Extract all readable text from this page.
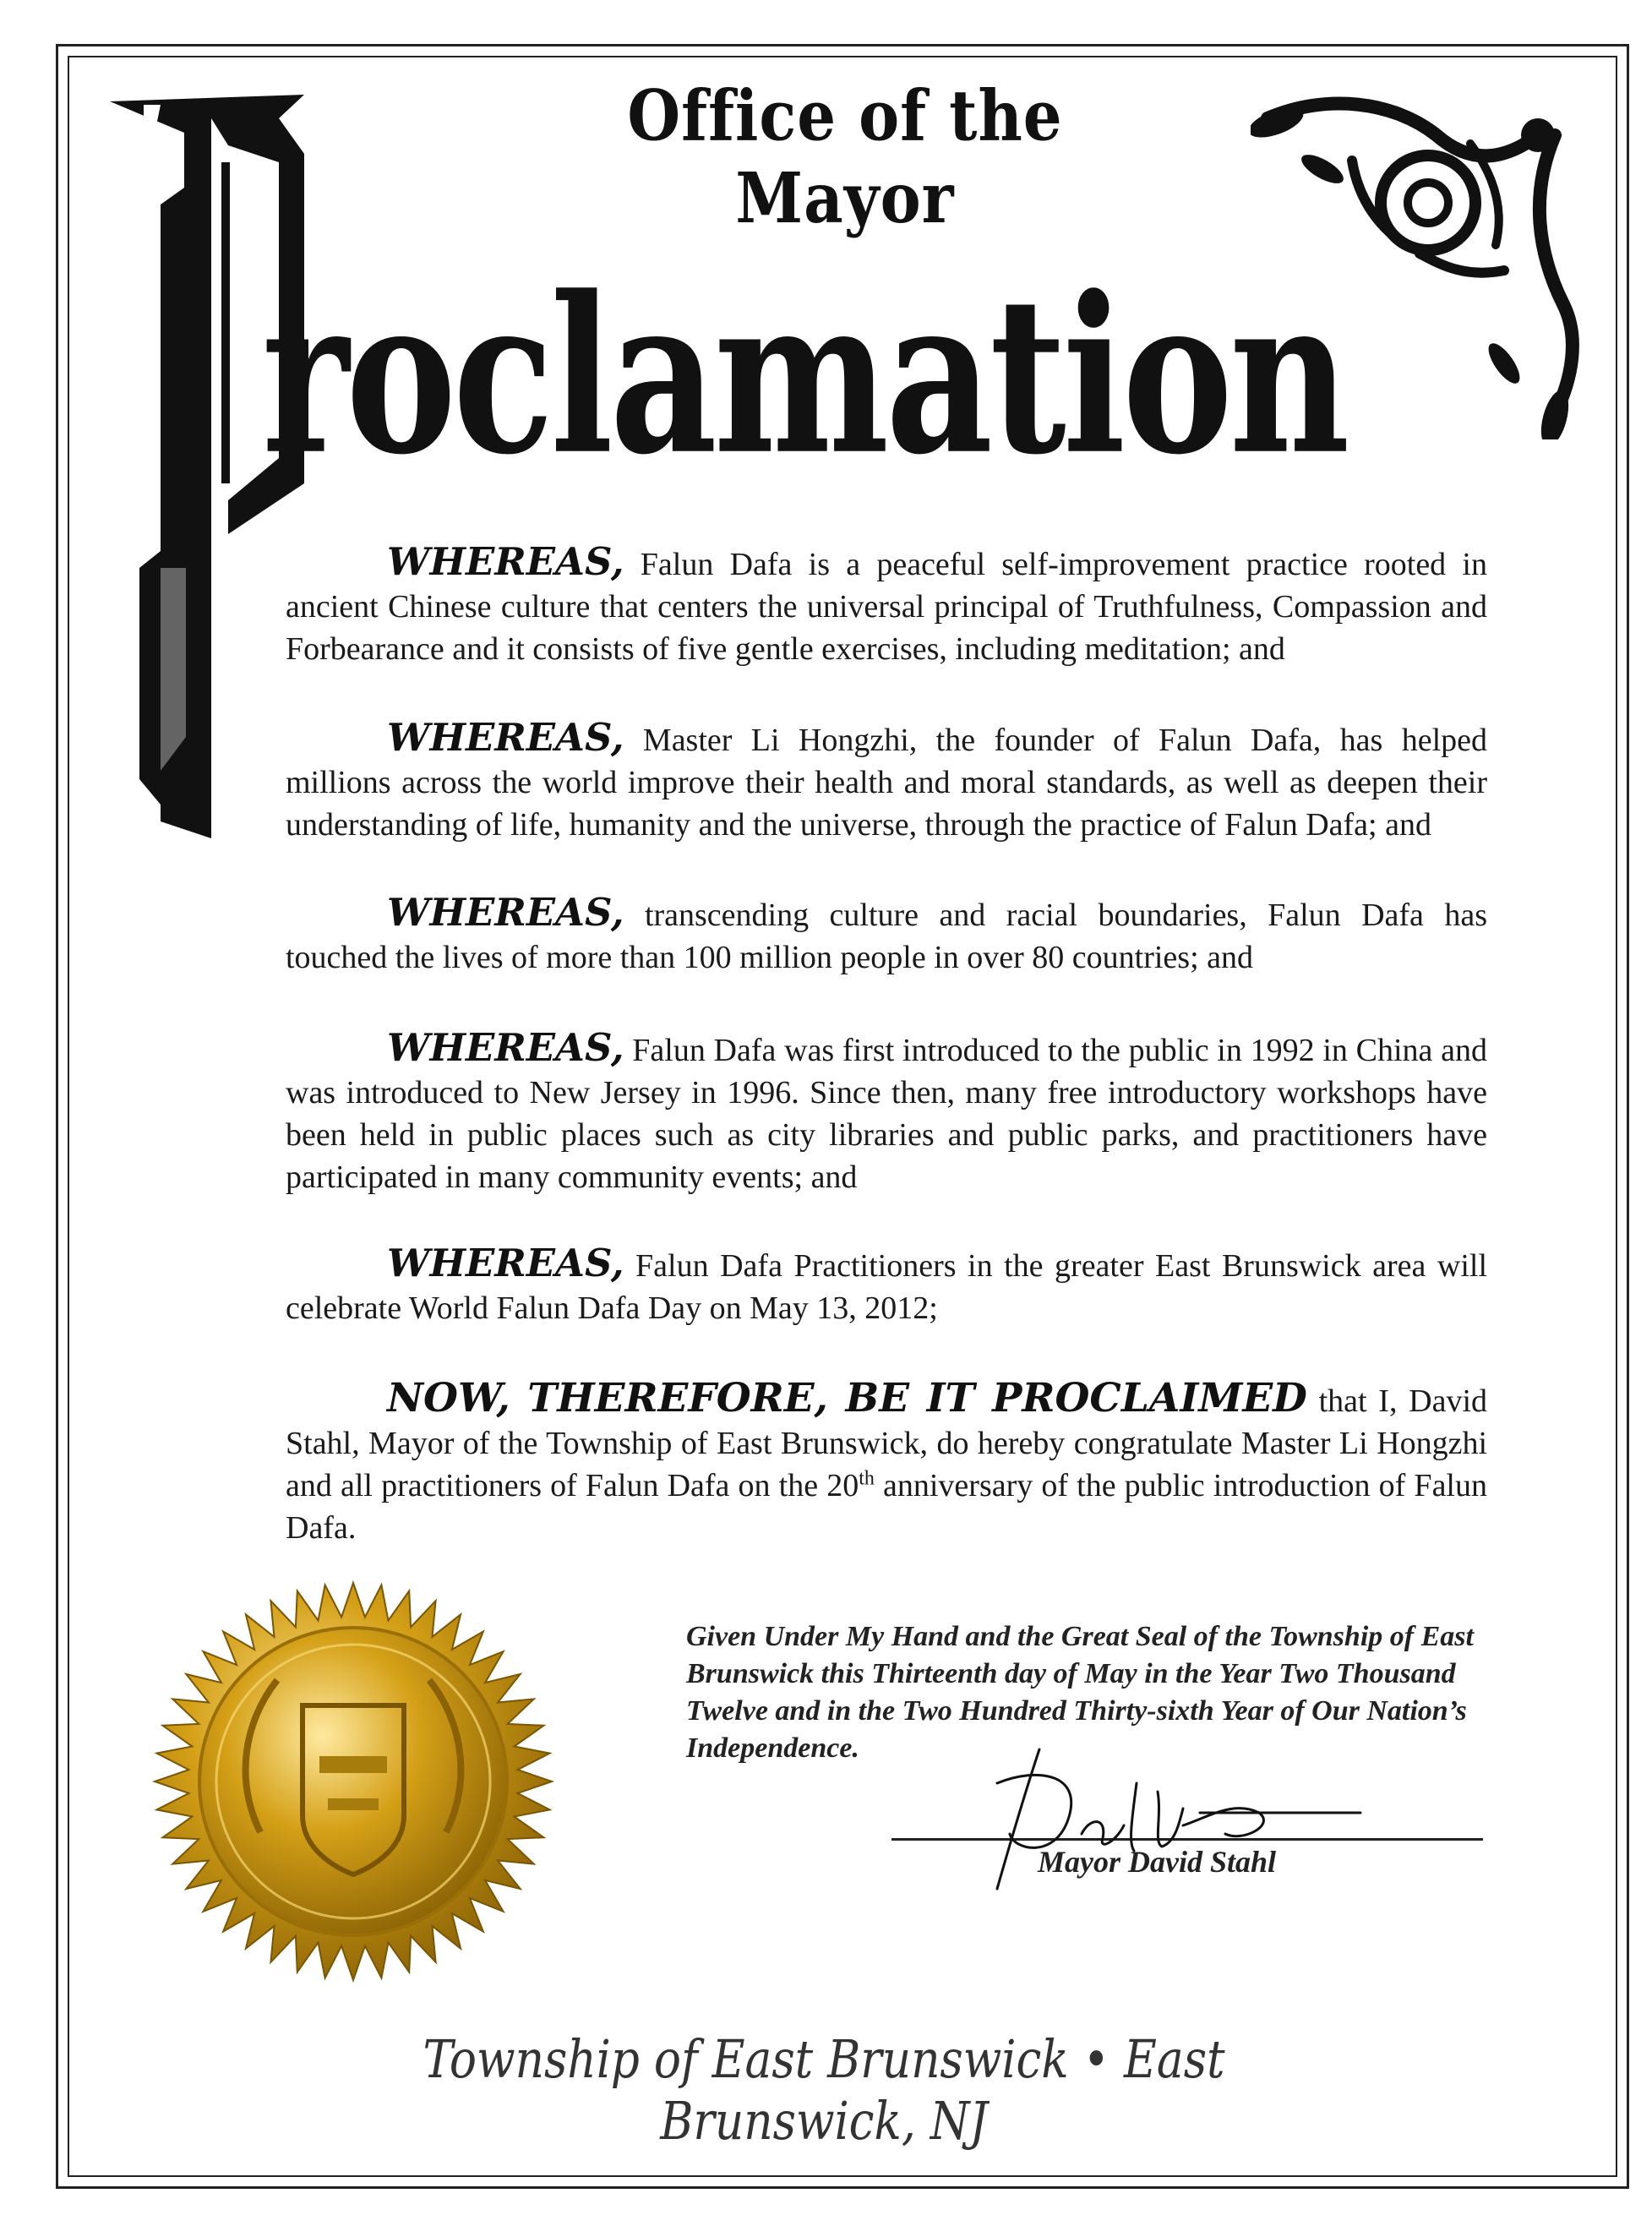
Office of the Mayor
roclamation

WHEREAS, Falun Dafa is a peaceful self-improvement practice rooted in ancient Chinese culture that centers the universal principal of Truthfulness, Compassion and Forbearance and it consists of five gentle exercises, including meditation; and

WHEREAS, Master Li Hongzhi, the founder of Falun Dafa, has helped millions across the world improve their health and moral standards, as well as deepen their understanding of life, humanity and the universe, through the practice of Falun Dafa; and

WHEREAS, transcending culture and racial boundaries, Falun Dafa has touched the lives of more than 100 million people in over 80 countries; and

WHEREAS, Falun Dafa was first introduced to the public in 1992 in China and was introduced to New Jersey in 1996. Since then, many free introductory workshops have been held in public places such as city libraries and public parks, and practitioners have participated in many community events; and

WHEREAS, Falun Dafa Practitioners in the greater East Brunswick area will celebrate World Falun Dafa Day on May 13, 2012;

NOW, THEREFORE, BE IT PROCLAIMED that I, David Stahl, Mayor of the Township of East Brunswick, do hereby congratulate Master Li Hongzhi and all practitioners of Falun Dafa on the 20th anniversary of the public introduction of Falun Dafa.

Given Under My Hand and the Great Seal of the Township of East Brunswick this Thirteenth day of May in the Year Two Thousand Twelve and in the Two Hundred Thirty-sixth Year of Our Nation’s Independence.
Mayor David Stahl
Township of East Brunswick • East Brunswick, NJ
